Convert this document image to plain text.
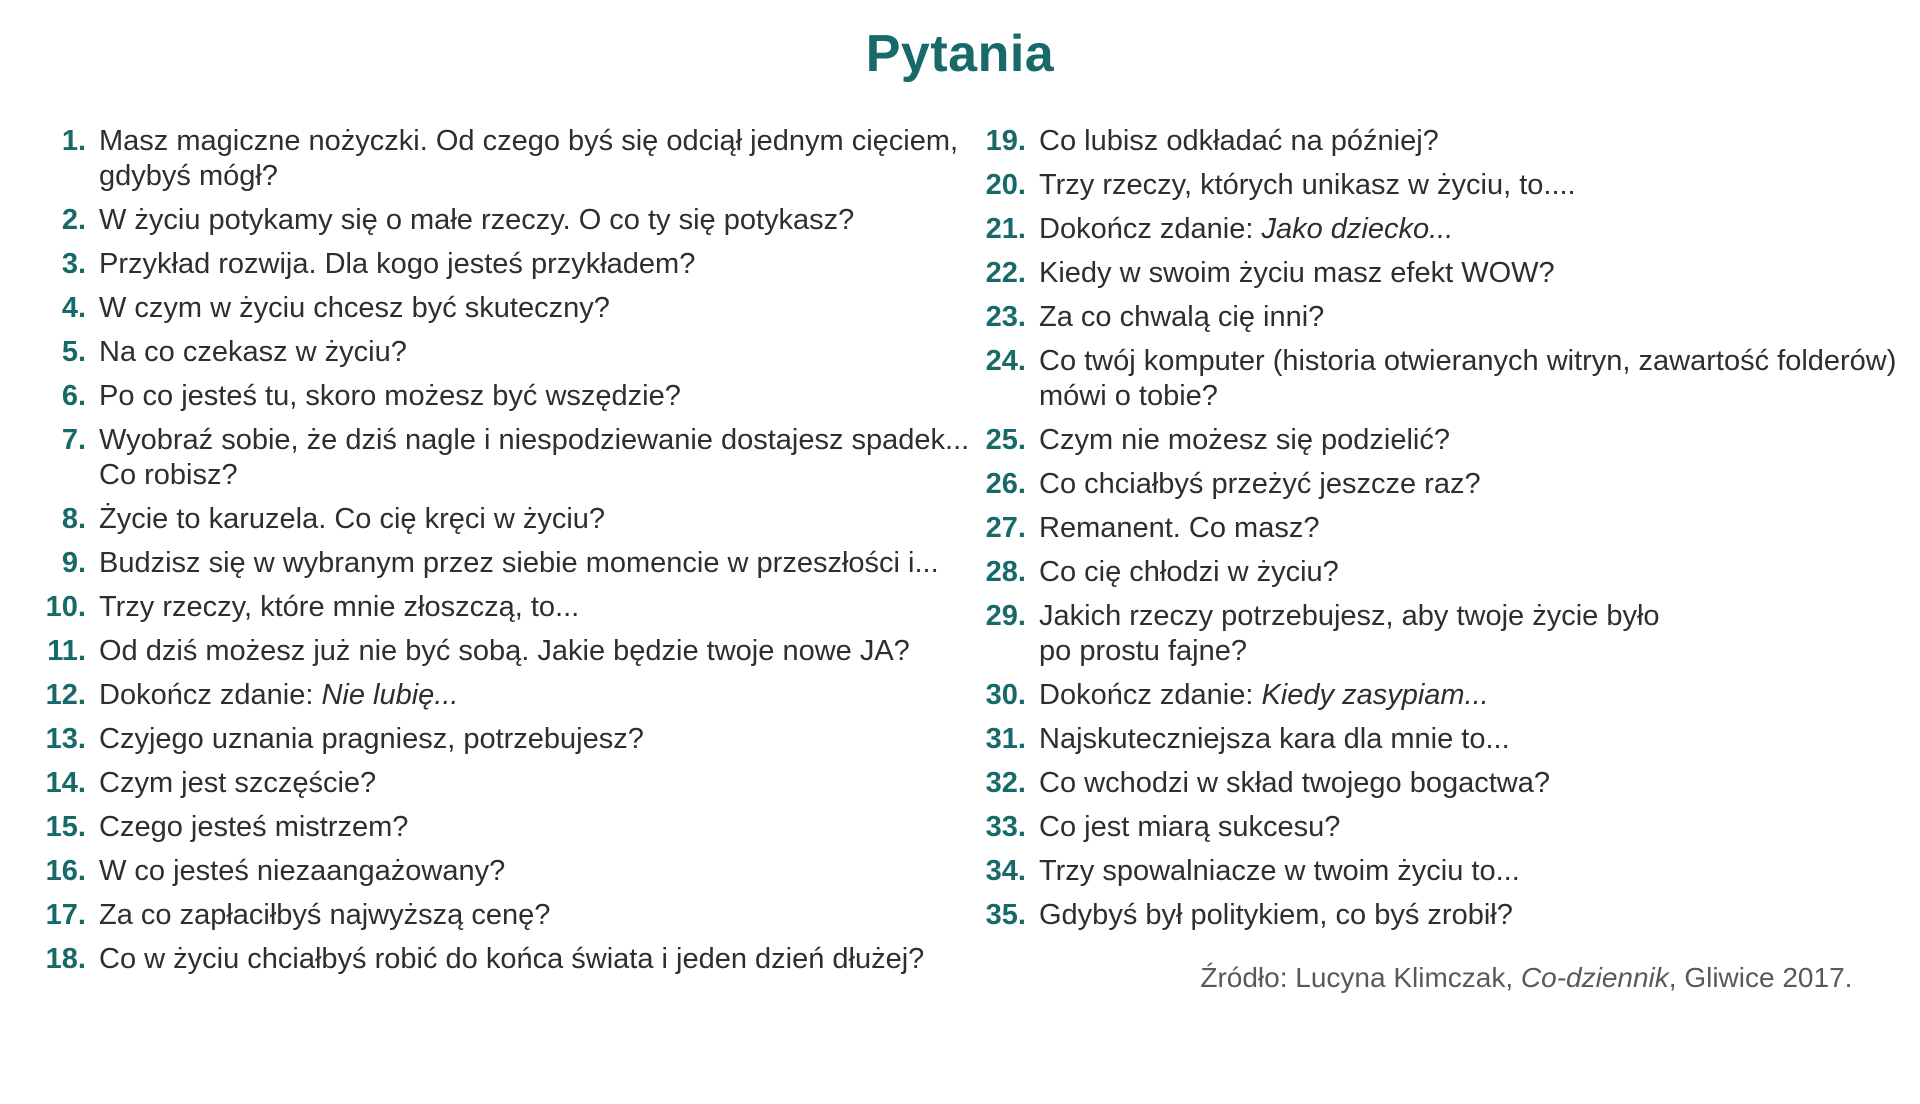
Pytania
1. Masz magiczne nożyczki. Od czego byś się odciął jednym cięciem,
gdybyś mógł?
2. W życiu potykamy się o małe rzeczy. O co ty się potykasz?
3. Przykład rozwija. Dla kogo jesteś przykładem?
4. W czym w życiu chcesz być skuteczny?
5. Na co czekasz w życiu?
6. Po co jesteś tu, skoro możesz być wszędzie?
7. Wyobraź sobie, że dziś nagle i niespodziewanie dostajesz spadek...
Co robisz?
8. Życie to karuzela. Co cię kręci w życiu?
9. Budzisz się w wybranym przez siebie momencie w przeszłości i...
10. Trzy rzeczy, które mnie złoszczą, to...
11. Od dziś możesz już nie być sobą. Jakie będzie twoje nowe JA?
12. Dokończ zdanie: Nie lubię...
13. Czyjego uznania pragniesz, potrzebujesz?
14. Czym jest szczęście?
15. Czego jesteś mistrzem?
16. W co jesteś niezaangażowany?
17. Za co zapłaciłbyś najwyższą cenę?
18. Co w życiu chciałbyś robić do końca świata i jeden dzień dłużej?
19. Co lubisz odkładać na później?
20. Trzy rzeczy, których unikasz w życiu, to....
21. Dokończ zdanie: Jako dziecko...
22. Kiedy w swoim życiu masz efekt WOW?
23. Za co chwalą cię inni?
24. Co twój komputer (historia otwieranych witryn, zawartość folderów)
mówi o tobie?
25. Czym nie możesz się podzielić?
26. Co chciałbyś przeżyć jeszcze raz?
27. Remanent. Co masz?
28. Co cię chłodzi w życiu?
29. Jakich rzeczy potrzebujesz, aby twoje życie było
po prostu fajne?
30. Dokończ zdanie: Kiedy zasypiam...
31. Najskuteczniejsza kara dla mnie to...
32. Co wchodzi w skład twojego bogactwa?
33. Co jest miarą sukcesu?
34. Trzy spowalniacze w twoim życiu to...
35. Gdybyś był politykiem, co byś zrobił?
Źródło: Lucyna Klimczak, Co-dziennik, Gliwice 2017.
